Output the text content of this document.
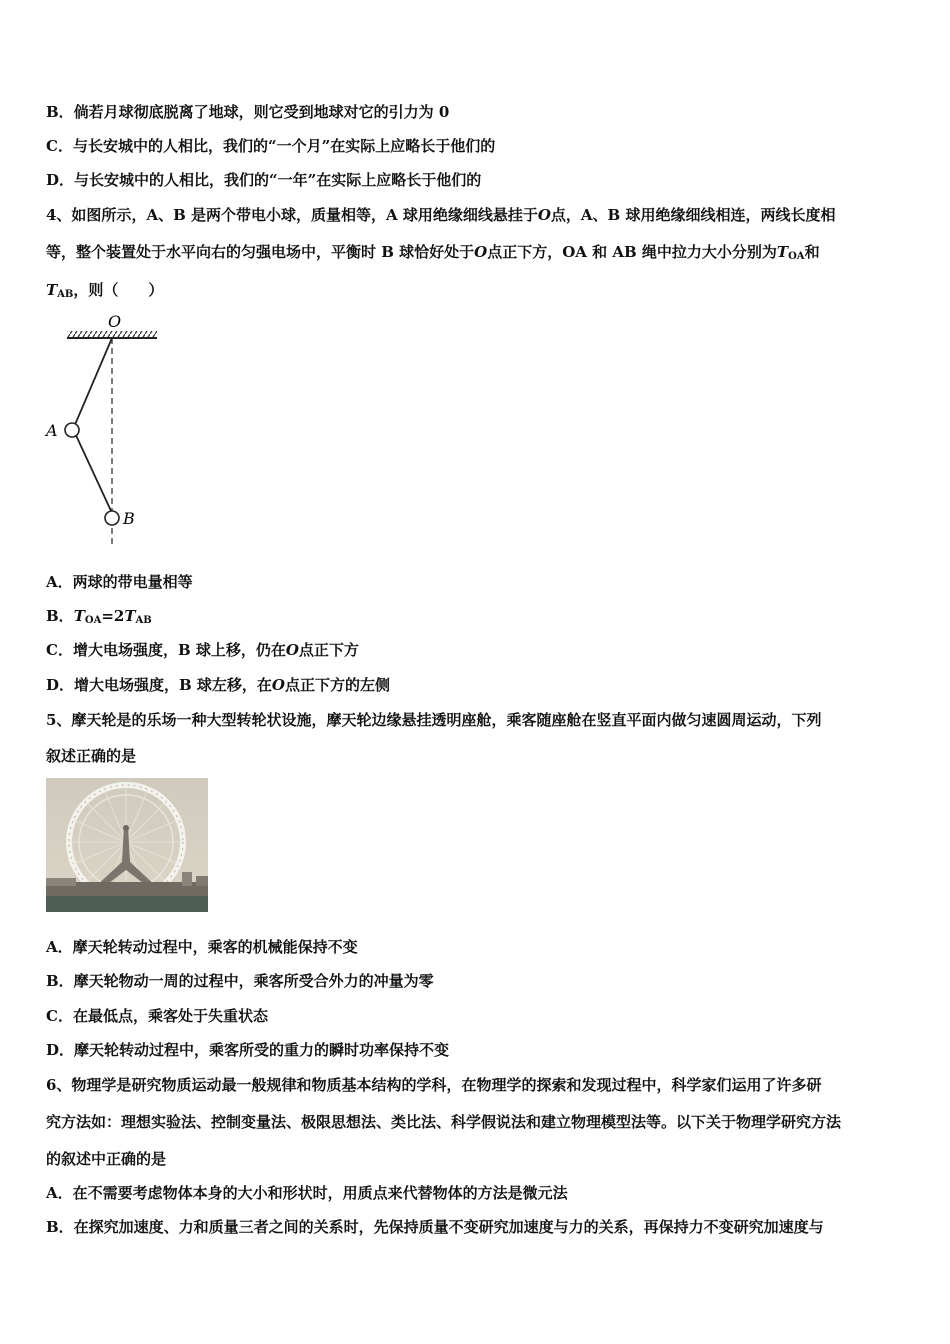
B．倘若月球彻底脱离了地球，则它受到地球对它的引力为 0
C．与长安城中的人相比，我们的“一个月”在实际上应略长于他们的
D．与长安城中的人相比，我们的“一年”在实际上应略长于他们的
4、如图所示，A、B 是两个带电小球，质量相等，A 球用绝缘细线悬挂于O点，A、B 球用绝缘细线相连，两线长度相
等，整个装置处于水平向右的匀强电场中，平衡时 B 球恰好处于O点正下方，OA 和 AB 绳中拉力大小分别为$T_{OA}$和
$T_{AB}$，则（　　）
O
A
B
A．两球的带电量相等
B．$T_{OA}=2T_{AB}$
C．增大电场强度，B 球上移，仍在O点正下方
D．增大电场强度，B 球左移，在O点正下方的左侧
5、摩天轮是的乐场一种大型转轮状设施，摩天轮边缘悬挂透明座舱，乘客随座舱在竖直平面内做匀速圆周运动，下列
叙述正确的是
A．摩天轮转动过程中，乘客的机械能保持不变
B．摩天轮物动一周的过程中，乘客所受合外力的冲量为零
C．在最低点，乘客处于失重状态
D．摩天轮转动过程中，乘客所受的重力的瞬时功率保持不变
6、物理学是研究物质运动最一般规律和物质基本结构的学科，在物理学的探索和发现过程中，科学家们运用了许多研
究方法如：理想实验法、控制变量法、极限思想法、类比法、科学假说法和建立物理模型法等。以下关于物理学研究方法
的叙述中正确的是
A．在不需要考虑物体本身的大小和形状时，用质点来代替物体的方法是微元法
B．在探究加速度、力和质量三者之间的关系时，先保持质量不变研究加速度与力的关系，再保持力不变研究加速度与
